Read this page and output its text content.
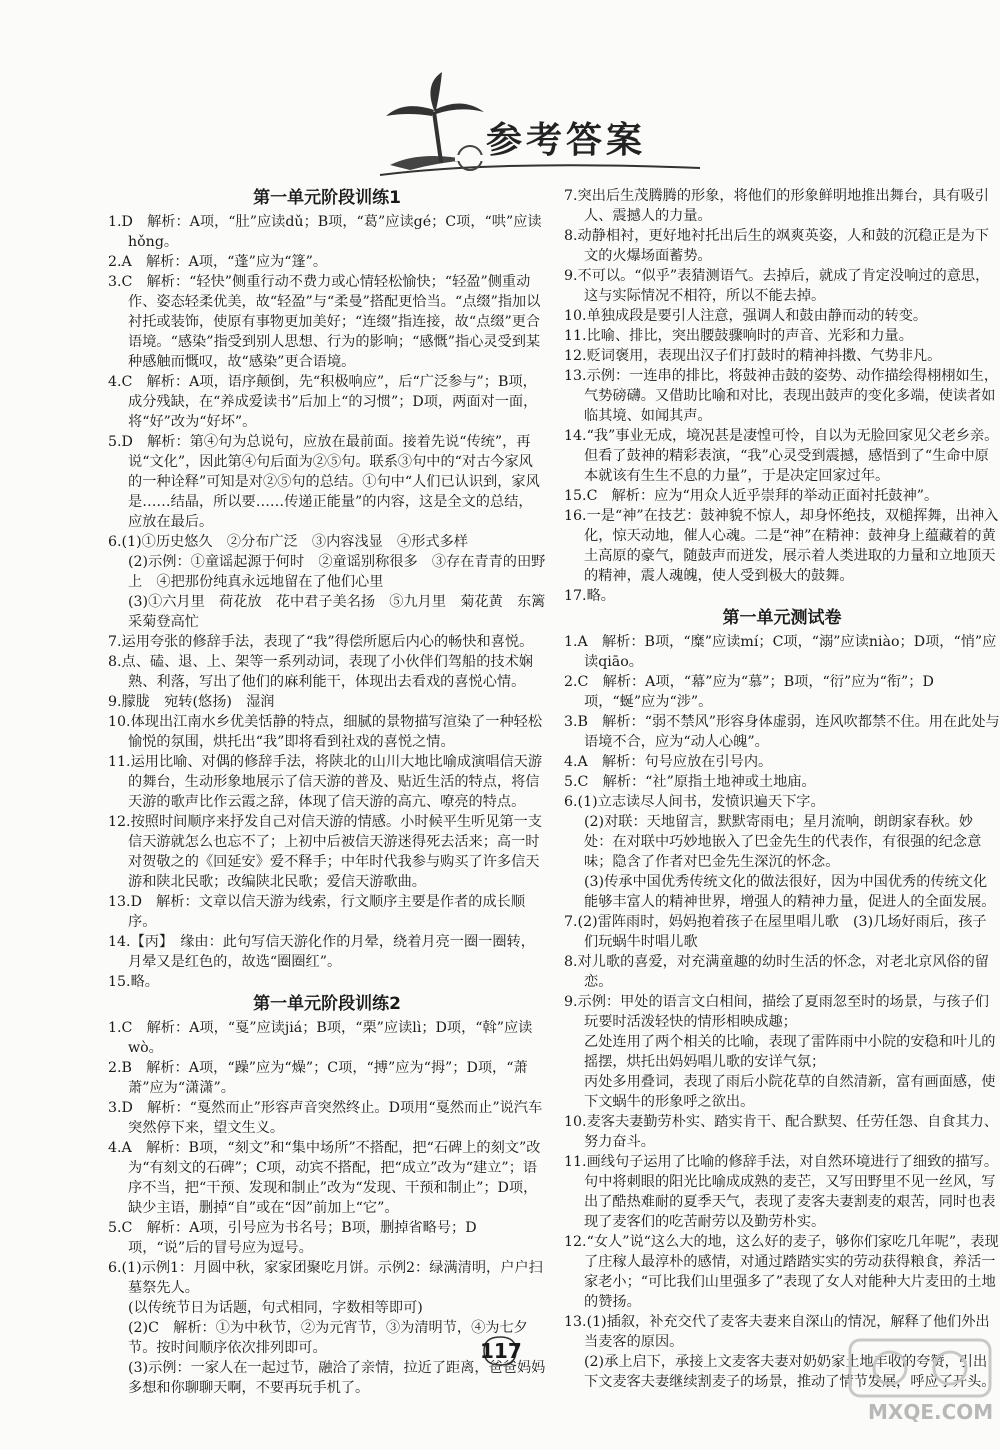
参考答案
第一单元阶段训练1

1.D　解析：A项，“肚”应读dǔ；B项，“葛”应读gé；C项，“哄”应读hǒng。

2.A　解析：A项，“蓬”应为“篷”。

3.C　解析：“轻快”侧重行动不费力或心情轻松愉快；“轻盈”侧重动作、姿态轻柔优美，故“轻盈”与“柔曼”搭配更恰当。“点缀”指加以衬托或装饰，使原有事物更加美好；“连缀”指连接，故“点缀”更合语境。“感染”指受到别人思想、行为的影响；“感慨”指心灵受到某种感触而慨叹，故“感染”更合语境。

4.C　解析：A项，语序颠倒，先“积极响应”，后“广泛参与”；B项，成分残缺，在“养成爱读书”后加上“的习惯”；D项，两面对一面，将“好”改为“好坏”。

5.D　解析：第④句为总说句，应放在最前面。接着先说“传统”，再说“文化”，因此第④句后面为②⑤句。联系③句中的“对古今家风的一种诠释”可知是对②⑤句的总结。①句中“人们已认识到，家风是……结晶，所以要……传递正能量”的内容，这是全文的总结，应放在最后。

6.(1)①历史悠久　②分布广泛　③内容浅显　④形式多样

(2)示例：①童谣起源于何时　②童谣别称很多　③存在青青的田野上　④把那份纯真永远地留在了他们心里

(3)①六月里　荷花放　花中君子美名扬　⑤九月里　菊花黄　东篱采菊登高忙

7.运用夸张的修辞手法，表现了“我”得偿所愿后内心的畅快和喜悦。

8.点、磕、退、上、架等一系列动词，表现了小伙伴们驾船的技术娴熟、利落，写出了他们的麻利能干，体现出去看戏的喜悦心情。

9.朦胧　宛转(悠扬)　湿润

10.体现出江南水乡优美恬静的特点，细腻的景物描写渲染了一种轻松愉悦的氛围，烘托出“我”即将看到社戏的喜悦之情。

11.运用比喻、对偶的修辞手法，将陕北的山川大地比喻成演唱信天游的舞台，生动形象地展示了信天游的普及、贴近生活的特点，将信天游的歌声比作云霞之辞，体现了信天游的高亢、嘹亮的特点。

12.按照时间顺序来抒发自己对信天游的情感。小时候平生听见第一支信天游就怎么也忘不了；上初中后被信天游迷得死去活来；高一时对贺敬之的《回延安》爱不释手；中年时代我参与购买了许多信天游和陕北民歌；改编陕北民歌；爱信天游歌曲。

13.D　解析：文章以信天游为线索，行文顺序主要是作者的成长顺序。

14.【丙】　缘由：此句写信天游化作的月晕，绕着月亮一圈一圈转，月晕又是红色的，故选“圈圈红”。

15.略。

第一单元阶段训练2

1.C　解析：A项，“戛”应读jiá；B项，“栗”应读lì；D项，“斡”应读wò。

2.B　解析：A项，“躁”应为“燥”；C项，“搏”应为“拇”；D项，“萧萧”应为“潇潇”。

3.D　解析：“戛然而止”形容声音突然终止。D项用“戛然而止”说汽车突然停下来，望文生义。

4.A　解析：B项，“刻文”和“集中场所”不搭配，把“石碑上的刻文”改为“有刻文的石碑”；C项，动宾不搭配，把“成立”改为“建立”；语序不当，把“干预、发现和制止”改为“发现、干预和制止”；D项，缺少主语，删掉“自”或在“因”前加上“它”。

5.C　解析：A项，引号应为书名号；B项，删掉省略号；D项，“说”后的冒号应为逗号。

6.(1)示例1：月圆中秋，家家团聚吃月饼。示例2：绿满清明，户户扫墓祭先人。

(以传统节日为话题，句式相同，字数相等即可)

(2)C　解析：①为中秋节，②为元宵节，③为清明节，④为七夕节。按时间顺序依次排列即可。

(3)示例：一家人在一起过节，融洽了亲情，拉近了距离，爸爸妈妈多想和你聊聊天啊，不要再玩手机了。

7.突出后生茂腾腾的形象，将他们的形象鲜明地推出舞台，具有吸引人、震撼人的力量。

8.动静相衬，更好地衬托出后生的飒爽英姿，人和鼓的沉稳正是为下文的火爆场面蓄势。

9.不可以。“似乎”表猜测语气。去掉后，就成了肯定没响过的意思，这与实际情况不相符，所以不能去掉。

10.单独成段是要引人注意，强调人和鼓由静而动的转变。

11.比喻、排比，突出腰鼓骤响时的声音、光彩和力量。

12.贬词褒用，表现出汉子们打鼓时的精神抖擞、气势非凡。

13.示例：一连串的排比，将鼓神击鼓的姿势、动作描绘得栩栩如生，气势磅礴。又借助比喻和对比，表现出鼓声的变化多端，使读者如临其境、如闻其声。

14.“我”事业无成，境况甚是凄惶可怜，自以为无脸回家见父老乡亲。但看了鼓神的精彩表演，“我”心灵受到震撼，感悟到了“生命中原本就该有生生不息的力量”，于是决定回家过年。

15.C　解析：应为“用众人近乎崇拜的举动正面衬托鼓神”。

16.一是“神”在技艺：鼓神貌不惊人，却身怀绝技，双槌挥舞，出神入化，惊天动地，催人心魂。二是“神”在精神：鼓神身上蕴藏着的黄土高原的豪气，随鼓声而迸发，展示着人类进取的力量和立地顶天的精神，震人魂魄，使人受到极大的鼓舞。

17.略。

第一单元测试卷

1.A　解析：B项，“糜”应读mí；C项，“溺”应读niào；D项，“悄”应读qiāo。

2.C　解析：A项，“幕”应为“慕”；B项，“衍”应为“衔”；D项，“蜒”应为“涉”。

3.B　解析：“弱不禁风”形容身体虚弱，连风吹都禁不住。用在此处与语境不合，应为“动人心魄”。

4.A　解析：句号应放在引号内。

5.C　解析：“社”原指土地神或土地庙。

6.(1)立志读尽人间书，发愤识遍天下字。

(2)对联：天地留言，默默寄雨电；星月流响，朗朗家春秋。妙处：在对联中巧妙地嵌入了巴金先生的代表作，有很强的纪念意味；隐含了作者对巴金先生深沉的怀念。

(3)传承中国优秀传统文化的做法很好，因为中国优秀的传统文化能够丰富人的精神世界，增强人的精神力量，促进人的全面发展。

7.(2)雷阵雨时，妈妈抱着孩子在屋里唱儿歌　(3)几场好雨后，孩子们玩蜗牛时唱儿歌

8.对儿歌的喜爱，对充满童趣的幼时生活的怀念，对老北京风俗的留恋。

9.示例：甲处的语言文白相间，描绘了夏雨忽至时的场景，与孩子们玩要时活泼轻快的情形相映成趣；

乙处连用了两个相关的比喻，表现了雷阵雨中小院的安稳和叶儿的摇摆，烘托出妈妈唱儿歌的安详气氛；

丙处多用叠词，表现了雨后小院花草的自然清新，富有画面感，使下文蜗牛的形象呼之欲出。

10.麦客夫妻勤劳朴实、踏实肯干、配合默契、任劳任怨、自食其力、努力奋斗。

11.画线句子运用了比喻的修辞手法，对自然环境进行了细致的描写。句中将刺眼的阳光比喻成成熟的麦芒，又写田野里不见一丝风，写出了酷热难耐的夏季天气，表现了麦客夫妻割麦的艰苦，同时也表现了麦客们的吃苦耐劳以及勤劳朴实。

12.“女人”说“这么大的地，这么好的麦子，够你们家吃几年呢”，表现了庄稼人最淳朴的感情，对通过踏踏实实的劳动获得粮食，养活一家老小；“可比我们山里强多了”表现了女人对能种大片麦田的土地的赞扬。

13.(1)插叙，补充交代了麦客夫妻来自深山的情况，解释了他们外出当麦客的原因。

(2)承上启下，承接上文麦客夫妻对奶奶家土地丰收的夸赞，引出下文麦客夫妻继续割麦子的场景，推动了情节发展，呼应了开头。

117
MXQE.COM
